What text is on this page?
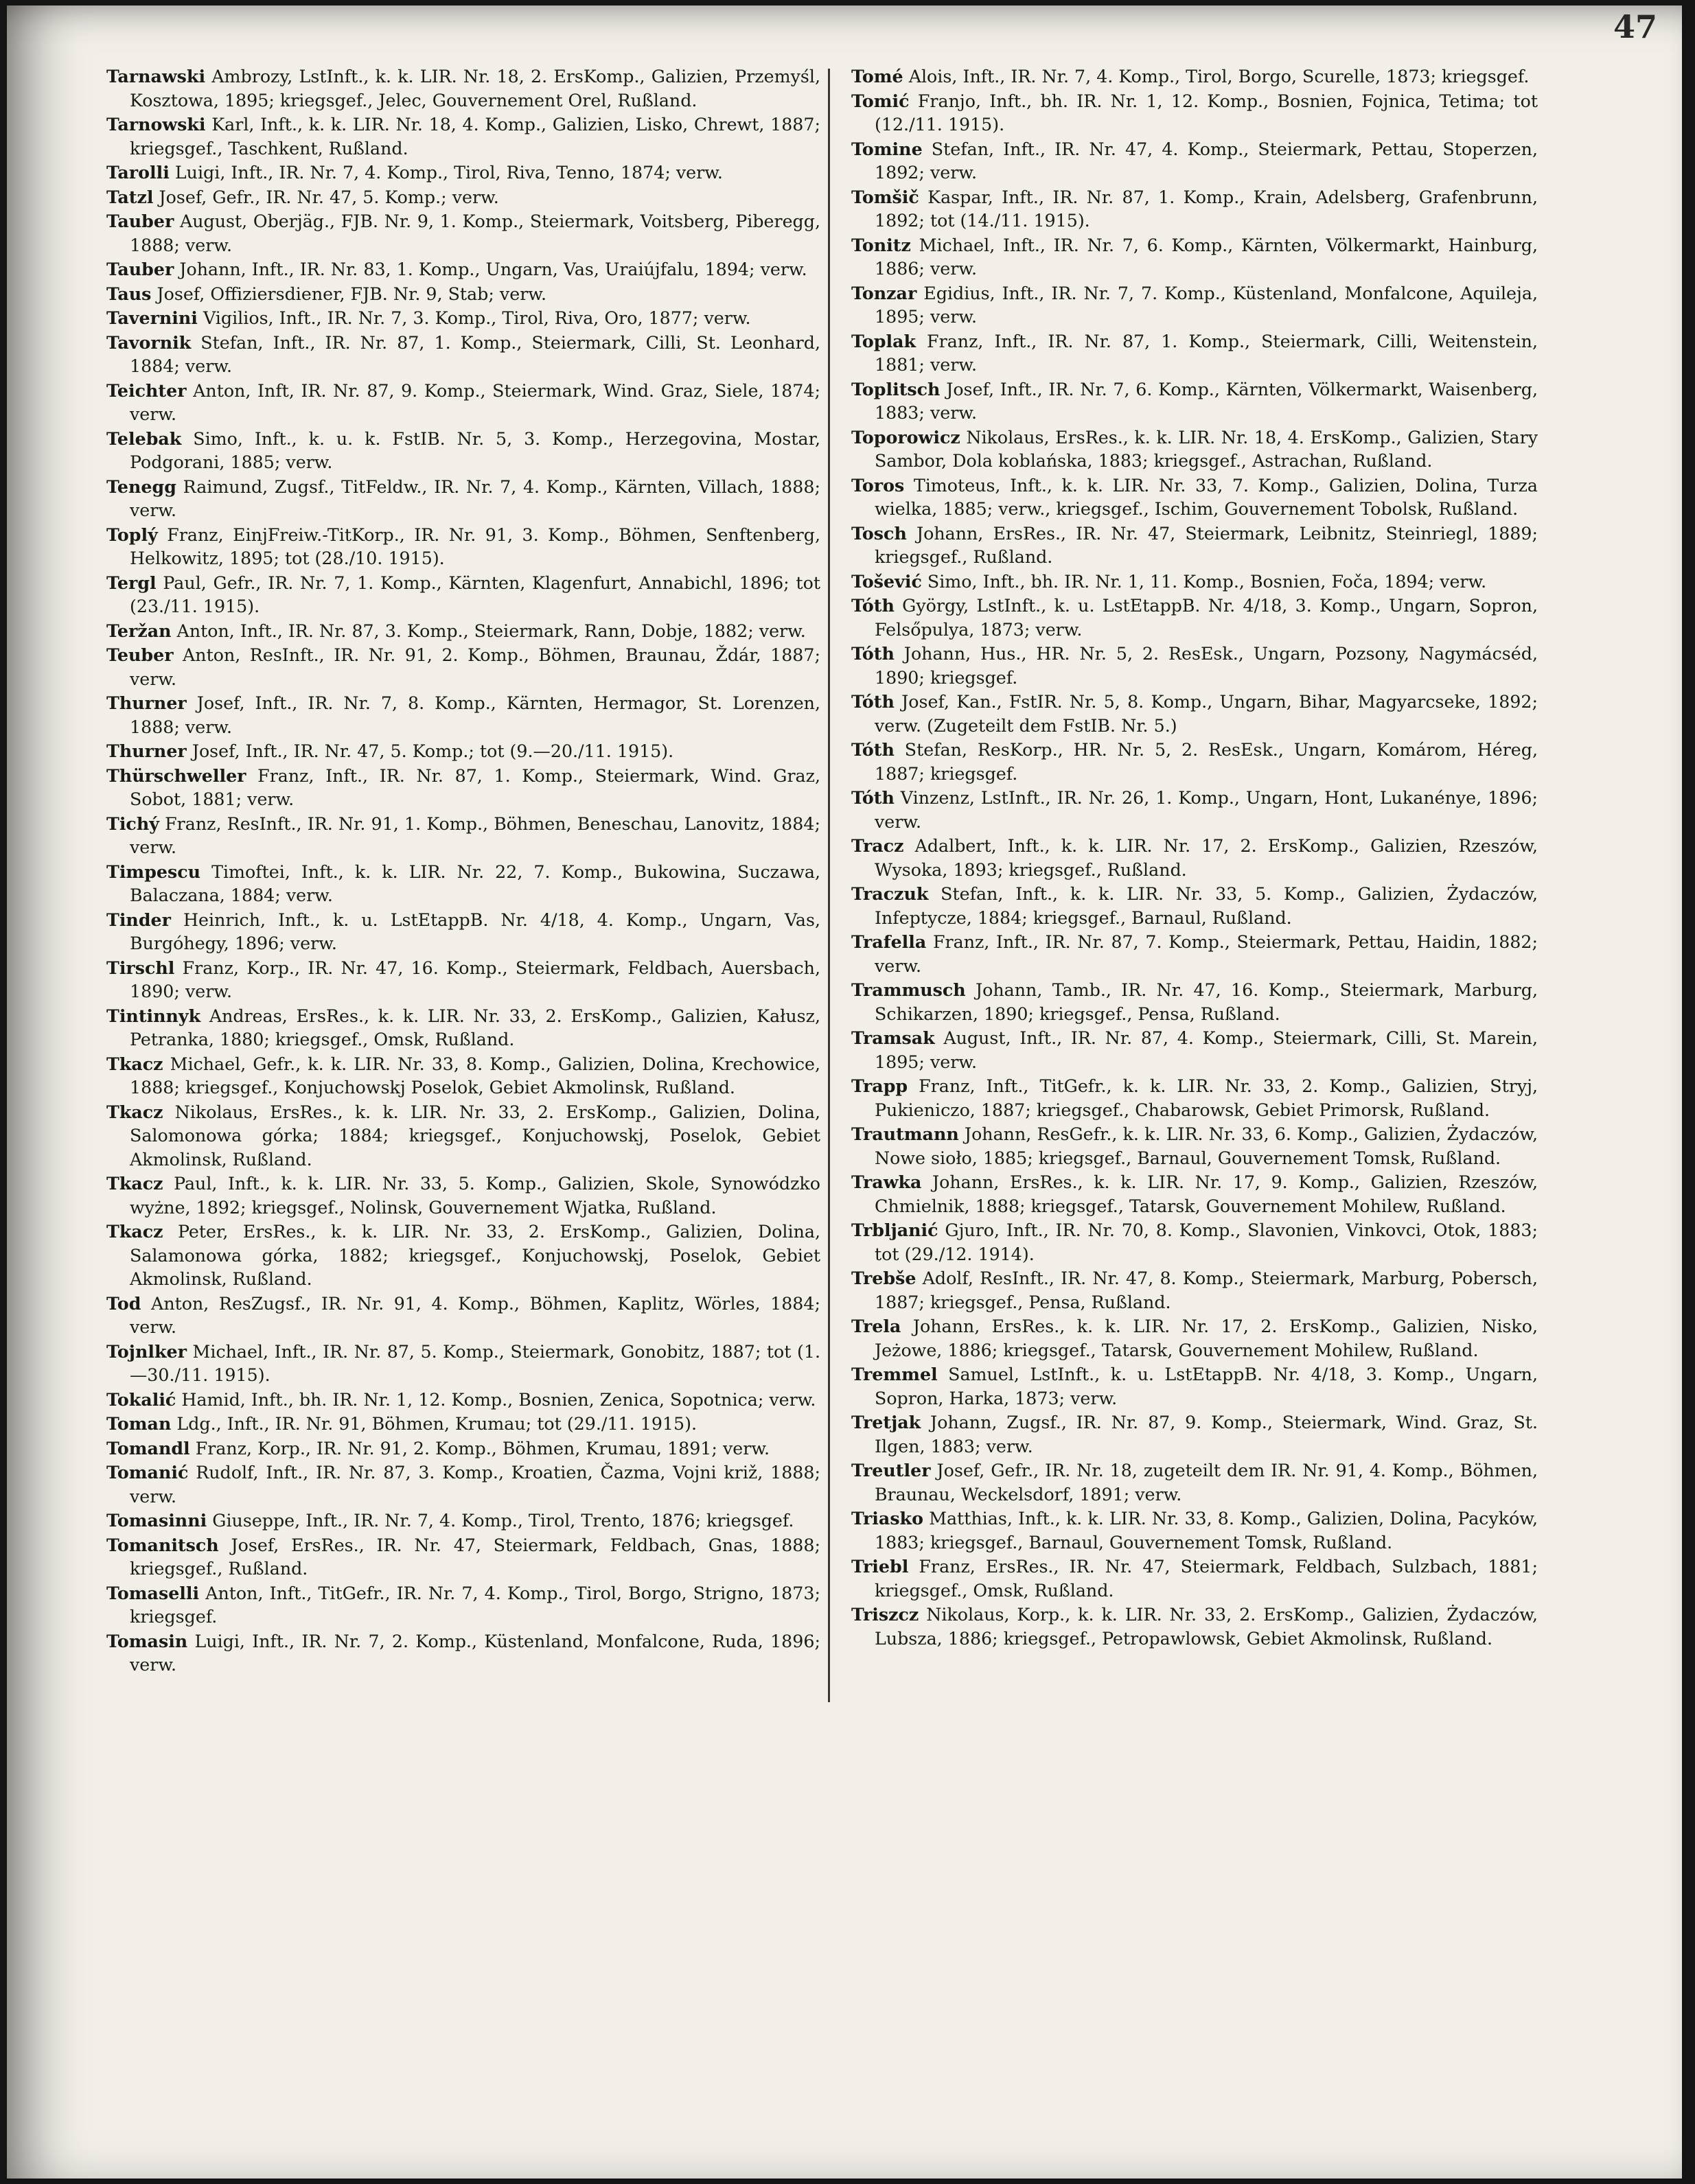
47

Tarnawski Ambrozy, LstInft., k. k. LIR. Nr. 18, 2. ErsKomp., Galizien, Przemyśl, Kosztowa, 1895; kriegsgef., Jelec, Gouvernement Orel, Rußland.

Tarnowski Karl, Inft., k. k. LIR. Nr. 18, 4. Komp., Galizien, Lisko, Chrewt, 1887; kriegsgef., Taschkent, Rußland.

Tarolli Luigi, Inft., IR. Nr. 7, 4. Komp., Tirol, Riva, Tenno, 1874; verw.

Tatzl Josef, Gefr., IR. Nr. 47, 5. Komp.; verw.

Tauber August, Oberjäg., FJB. Nr. 9, 1. Komp., Steiermark, Voitsberg, Piberegg, 1888; verw.

Tauber Johann, Inft., IR. Nr. 83, 1. Komp., Ungarn, Vas, Uraiújfalu, 1894; verw.

Taus Josef, Offiziersdiener, FJB. Nr. 9, Stab; verw.

Tavernini Vigilios, Inft., IR. Nr. 7, 3. Komp., Tirol, Riva, Oro, 1877; verw.

Tavornik Stefan, Inft., IR. Nr. 87, 1. Komp., Steiermark, Cilli, St. Leonhard, 1884; verw.

Teichter Anton, Inft, IR. Nr. 87, 9. Komp., Steiermark, Wind. Graz, Siele, 1874; verw.

Telebak Simo, Inft., k. u. k. FstIB. Nr. 5, 3. Komp., Herzegovina, Mostar, Podgorani, 1885; verw.

Tenegg Raimund, Zugsf., TitFeldw., IR. Nr. 7, 4. Komp., Kärnten, Villach, 1888; verw.

Toplý Franz, EinjFreiw.-TitKorp., IR. Nr. 91, 3. Komp., Böhmen, Senftenberg, Helkowitz, 1895; tot (28./10. 1915).

Tergl Paul, Gefr., IR. Nr. 7, 1. Komp., Kärnten, Klagenfurt, Annabichl, 1896; tot (23./11. 1915).

Teržan Anton, Inft., IR. Nr. 87, 3. Komp., Steiermark, Rann, Dobje, 1882; verw.

Teuber Anton, ResInft., IR. Nr. 91, 2. Komp., Böhmen, Braunau, Ždár, 1887; verw.

Thurner Josef, Inft., IR. Nr. 7, 8. Komp., Kärnten, Hermagor, St. Lorenzen, 1888; verw.

Thurner Josef, Inft., IR. Nr. 47, 5. Komp.; tot (9.—20./11. 1915).

Thürschweller Franz, Inft., IR. Nr. 87, 1. Komp., Steiermark, Wind. Graz, Sobot, 1881; verw.

Tichý Franz, ResInft., IR. Nr. 91, 1. Komp., Böhmen, Beneschau, Lanovitz, 1884; verw.

Timpescu Timoftei, Inft., k. k. LIR. Nr. 22, 7. Komp., Bukowina, Suczawa, Balaczana, 1884; verw.

Tinder Heinrich, Inft., k. u. LstEtappB. Nr. 4/18, 4. Komp., Ungarn, Vas, Burgóhegy, 1896; verw.

Tirschl Franz, Korp., IR. Nr. 47, 16. Komp., Steiermark, Feldbach, Auersbach, 1890; verw.

Tintinnyk Andreas, ErsRes., k. k. LIR. Nr. 33, 2. ErsKomp., Galizien, Kałusz, Petranka, 1880; kriegsgef., Omsk, Rußland.

Tkacz Michael, Gefr., k. k. LIR. Nr. 33, 8. Komp., Galizien, Dolina, Krechowice, 1888; kriegsgef., Konjuchowskj Poselok, Gebiet Akmolinsk, Rußland.

Tkacz Nikolaus, ErsRes., k. k. LIR. Nr. 33, 2. ErsKomp., Galizien, Dolina, Salomonowa górka; 1884; kriegsgef., Konjuchowskj, Poselok, Gebiet Akmolinsk, Rußland.

Tkacz Paul, Inft., k. k. LIR. Nr. 33, 5. Komp., Galizien, Skole, Synowódzko wyżne, 1892; kriegsgef., Nolinsk, Gouvernement Wjatka, Rußland.

Tkacz Peter, ErsRes., k. k. LIR. Nr. 33, 2. ErsKomp., Galizien, Dolina, Salamonowa górka, 1882; kriegsgef., Konjuchowskj, Poselok, Gebiet Akmolinsk, Rußland.

Tod Anton, ResZugsf., IR. Nr. 91, 4. Komp., Böhmen, Kaplitz, Wörles, 1884; verw.

Tojnlker Michael, Inft., IR. Nr. 87, 5. Komp., Steiermark, Gonobitz, 1887; tot (1.—30./11. 1915).

Tokalić Hamid, Inft., bh. IR. Nr. 1, 12. Komp., Bosnien, Zenica, Sopotnica; verw.

Toman Ldg., Inft., IR. Nr. 91, Böhmen, Krumau; tot (29./11. 1915).

Tomandl Franz, Korp., IR. Nr. 91, 2. Komp., Böhmen, Krumau, 1891; verw.

Tomanić Rudolf, Inft., IR. Nr. 87, 3. Komp., Kroatien, Čazma, Vojni križ, 1888; verw.

Tomasinni Giuseppe, Inft., IR. Nr. 7, 4. Komp., Tirol, Trento, 1876; kriegsgef.

Tomanitsch Josef, ErsRes., IR. Nr. 47, Steiermark, Feldbach, Gnas, 1888; kriegsgef., Rußland.

Tomaselli Anton, Inft., TitGefr., IR. Nr. 7, 4. Komp., Tirol, Borgo, Strigno, 1873; kriegsgef.

Tomasin Luigi, Inft., IR. Nr. 7, 2. Komp., Küstenland, Monfalcone, Ruda, 1896; verw.

Tomé Alois, Inft., IR. Nr. 7, 4. Komp., Tirol, Borgo, Scurelle, 1873; kriegsgef.

Tomić Franjo, Inft., bh. IR. Nr. 1, 12. Komp., Bosnien, Fojnica, Tetima; tot (12./11. 1915).

Tomine Stefan, Inft., IR. Nr. 47, 4. Komp., Steiermark, Pettau, Stoperzen, 1892; verw.

Tomšič Kaspar, Inft., IR. Nr. 87, 1. Komp., Krain, Adelsberg, Grafenbrunn, 1892; tot (14./11. 1915).

Tonitz Michael, Inft., IR. Nr. 7, 6. Komp., Kärnten, Völkermarkt, Hainburg, 1886; verw.

Tonzar Egidius, Inft., IR. Nr. 7, 7. Komp., Küstenland, Monfalcone, Aquileja, 1895; verw.

Toplak Franz, Inft., IR. Nr. 87, 1. Komp., Steiermark, Cilli, Weitenstein, 1881; verw.

Toplitsch Josef, Inft., IR. Nr. 7, 6. Komp., Kärnten, Völkermarkt, Waisenberg, 1883; verw.

Toporowicz Nikolaus, ErsRes., k. k. LIR. Nr. 18, 4. ErsKomp., Galizien, Stary Sambor, Dola koblańska, 1883; kriegsgef., Astrachan, Rußland.

Toros Timoteus, Inft., k. k. LIR. Nr. 33, 7. Komp., Galizien, Dolina, Turza wielka, 1885; verw., kriegsgef., Ischim, Gouvernement Tobolsk, Rußland.

Tosch Johann, ErsRes., IR. Nr. 47, Steiermark, Leibnitz, Steinriegl, 1889; kriegsgef., Rußland.

Tošević Simo, Inft., bh. IR. Nr. 1, 11. Komp., Bosnien, Foča, 1894; verw.

Tóth György, LstInft., k. u. LstEtappB. Nr. 4/18, 3. Komp., Ungarn, Sopron, Felsőpulya, 1873; verw.

Tóth Johann, Hus., HR. Nr. 5, 2. ResEsk., Ungarn, Pozsony, Nagymácséd, 1890; kriegsgef.

Tóth Josef, Kan., FstIR. Nr. 5, 8. Komp., Ungarn, Bihar, Magyarcseke, 1892; verw. (Zugeteilt dem FstIB. Nr. 5.)

Tóth Stefan, ResKorp., HR. Nr. 5, 2. ResEsk., Ungarn, Komárom, Héreg, 1887; kriegsgef.

Tóth Vinzenz, LstInft., IR. Nr. 26, 1. Komp., Ungarn, Hont, Lukanénye, 1896; verw.

Tracz Adalbert, Inft., k. k. LIR. Nr. 17, 2. ErsKomp., Galizien, Rzeszów, Wysoka, 1893; kriegsgef., Rußland.

Traczuk Stefan, Inft., k. k. LIR. Nr. 33, 5. Komp., Galizien, Żydaczów, Infeptycze, 1884; kriegsgef., Barnaul, Rußland.

Trafella Franz, Inft., IR. Nr. 87, 7. Komp., Steiermark, Pettau, Haidin, 1882; verw.

Trammusch Johann, Tamb., IR. Nr. 47, 16. Komp., Steiermark, Marburg, Schikarzen, 1890; kriegsgef., Pensa, Rußland.

Tramsak August, Inft., IR. Nr. 87, 4. Komp., Steiermark, Cilli, St. Marein, 1895; verw.

Trapp Franz, Inft., TitGefr., k. k. LIR. Nr. 33, 2. Komp., Galizien, Stryj, Pukieniczo, 1887; kriegsgef., Chabarowsk, Gebiet Primorsk, Rußland.

Trautmann Johann, ResGefr., k. k. LIR. Nr. 33, 6. Komp., Galizien, Żydaczów, Nowe sioło, 1885; kriegsgef., Barnaul, Gouvernement Tomsk, Rußland.

Trawka Johann, ErsRes., k. k. LIR. Nr. 17, 9. Komp., Galizien, Rzeszów, Chmielnik, 1888; kriegsgef., Tatarsk, Gouvernement Mohilew, Rußland.

Trbljanić Gjuro, Inft., IR. Nr. 70, 8. Komp., Slavonien, Vinkovci, Otok, 1883; tot (29./12. 1914).

Trebše Adolf, ResInft., IR. Nr. 47, 8. Komp., Steiermark, Marburg, Pobersch, 1887; kriegsgef., Pensa, Rußland.

Trela Johann, ErsRes., k. k. LIR. Nr. 17, 2. ErsKomp., Galizien, Nisko, Jeżowe, 1886; kriegsgef., Tatarsk, Gouvernement Mohilew, Rußland.

Tremmel Samuel, LstInft., k. u. LstEtappB. Nr. 4/18, 3. Komp., Ungarn, Sopron, Harka, 1873; verw.

Tretjak Johann, Zugsf., IR. Nr. 87, 9. Komp., Steiermark, Wind. Graz, St. Ilgen, 1883; verw.

Treutler Josef, Gefr., IR. Nr. 18, zugeteilt dem IR. Nr. 91, 4. Komp., Böhmen, Braunau, Weckelsdorf, 1891; verw.

Triasko Matthias, Inft., k. k. LIR. Nr. 33, 8. Komp., Galizien, Dolina, Pacyków, 1883; kriegsgef., Barnaul, Gouvernement Tomsk, Rußland.

Triebl Franz, ErsRes., IR. Nr. 47, Steiermark, Feldbach, Sulzbach, 1881; kriegsgef., Omsk, Rußland.

Triszcz Nikolaus, Korp., k. k. LIR. Nr. 33, 2. ErsKomp., Galizien, Żydaczów, Lubsza, 1886; kriegsgef., Petropawlowsk, Gebiet Akmolinsk, Rußland.
